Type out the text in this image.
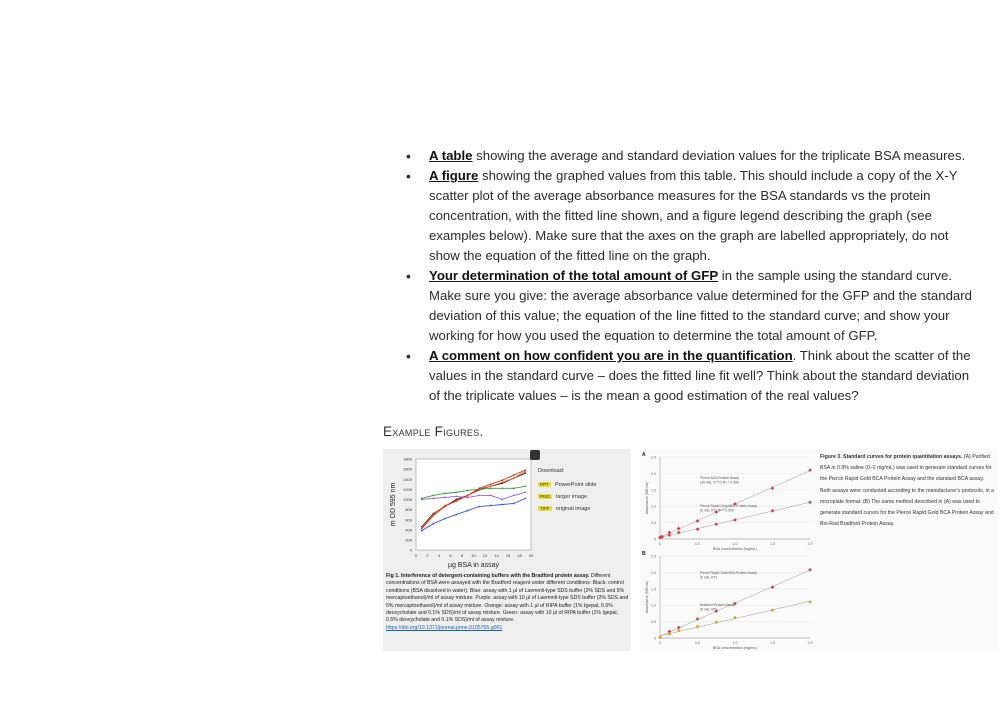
• A table showing the average and standard deviation values for the triplicate BSA measures.
• A figure showing the graphed values from this table. This should include a copy of the X-Y scatter plot of the average absorbance measures for the BSA standards vs the protein concentration, with the fitted line shown, and a figure legend describing the graph (see examples below). Make sure that the axes on the graph are labelled appropriately, do not show the equation of the fitted line on the graph.
• Your determination of the total amount of GFP in the sample using the standard curve. Make sure you give: the average absorbance value determined for the GFP and the standard deviation of this value; the equation of the line fitted to the standard curve; and show your working for how you used the equation to determine the total amount of GFP.
• A comment on how confident you are in the quantification. Think about the scatter of the values in the standard curve – does the fitted line fit well? Think about the standard deviation of the triplicate values – is the mean a good estimation of the real values?
Example Figures.
1800
1600
1400
1200
1000
800
600
400
200
0
0 2 4 6 8 10 12 14 16 18 20
m OD 595 nm
µg BSA in assay
Download:
PPT PowerPoint slide
PNG larger image
TIFF original image
Fig 1. Interference of detergent-containing buffers with the Bradford protein assay. Different concentrations of BSA were assayed with the Bradford reagent under different conditions: Black: control conditions (BSA dissolved in water). Blue: assay with 1 µl of Laemmli-type SDS buffer (2% SDS and 5% mercaptoethanol)/ml of assay mixture. Purple: assay with 10 µl of Laemmli-type SDS buffer (2% SDS and 5% mercaptoethanol)/ml of assay mixture. Orange: assay with 1 µl of RIPA buffer (1% Igepal, 0.5% deoxycholate and 0.1% SDS)/ml of assay mixture. Green: assay with 10 µl of RIPA buffer (1% Igepal, 0.5% deoxycholate and 0.1% SDS)/ml of assay mixture.
https://doi.org/10.1371/journal.pone.0195755.g001
A
0
0.5
1.0
1.5
2.0
2.5
0	0.5	1.0	1.5	2.0
BSA concentration (mg/mL)
Absorbance (562 nm)
Pierce BCA Protein Assay
(30 min, 37°C) R² = 0.994
Pierce Rapid Gold BCA Protein Assay
(5 min, RT) R² = 0.999
B
0
0.5
1.0
1.5
2.0
2.5
0	0.5	1.0	1.5	2.0
BSA concentration (mg/mL)
Absorbance (595 nm)
Pierce Rapid Gold BCA Protein Assay
(5 min, RT)
Bradford Protein Assay
(5 min, RT)
Figure 3. Standard curves for protein quantitation assays. (A) Purified BSA in 0.9% saline (0–2 mg/mL) was used to generate standard curves for the Pierce Rapid Gold BCA Protein Assay and the standard BCA assay. Both assays were conducted according to the manufacturer's protocols, in a microplate format. (B) The same method described in (A) was used to generate standard curves for the Pierce Rapid Gold BCA Protein Assay and Bio-Rad Bradford Protein Assay.
